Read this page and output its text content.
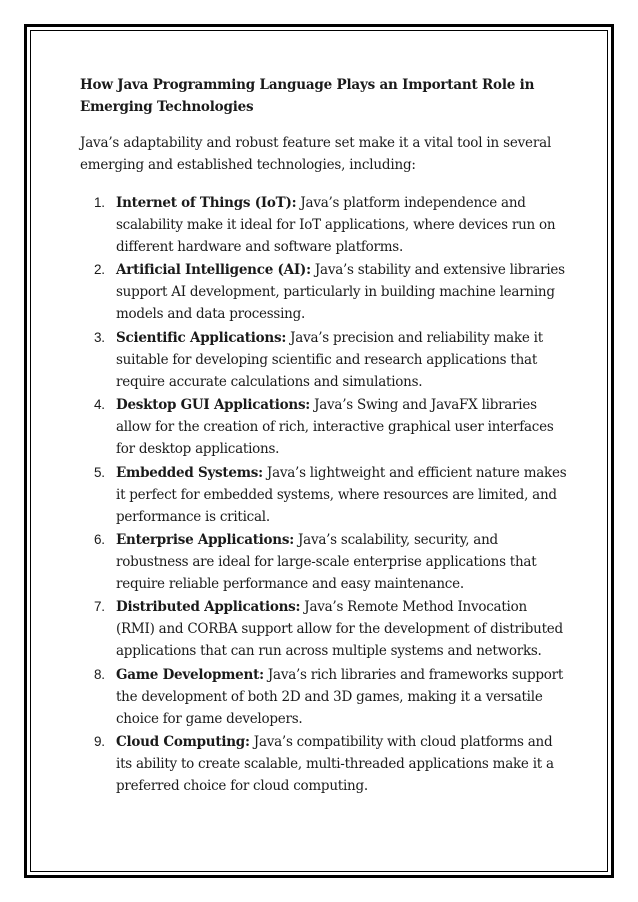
How Java Programming Language Plays an Important Role in Emerging Technologies

Java’s adaptability and robust feature set make it a vital tool in several emerging and established technologies, including:

1. Internet of Things (IoT): Java’s platform independence and scalability make it ideal for IoT applications, where devices run on different hardware and software platforms.
2. Artificial Intelligence (AI): Java’s stability and extensive libraries support AI development, particularly in building machine learning models and data processing.
3. Scientific Applications: Java’s precision and reliability make it suitable for developing scientific and research applications that require accurate calculations and simulations.
4. Desktop GUI Applications: Java’s Swing and JavaFX libraries allow for the creation of rich, interactive graphical user interfaces for desktop applications.
5. Embedded Systems: Java’s lightweight and efficient nature makes it perfect for embedded systems, where resources are limited, and performance is critical.
6. Enterprise Applications: Java’s scalability, security, and robustness are ideal for large-scale enterprise applications that require reliable performance and easy maintenance.
7. Distributed Applications: Java’s Remote Method Invocation (RMI) and CORBA support allow for the development of distributed applications that can run across multiple systems and networks.
8. Game Development: Java’s rich libraries and frameworks support the development of both 2D and 3D games, making it a versatile choice for game developers.
9. Cloud Computing: Java’s compatibility with cloud platforms and its ability to create scalable, multi-threaded applications make it a preferred choice for cloud computing.
